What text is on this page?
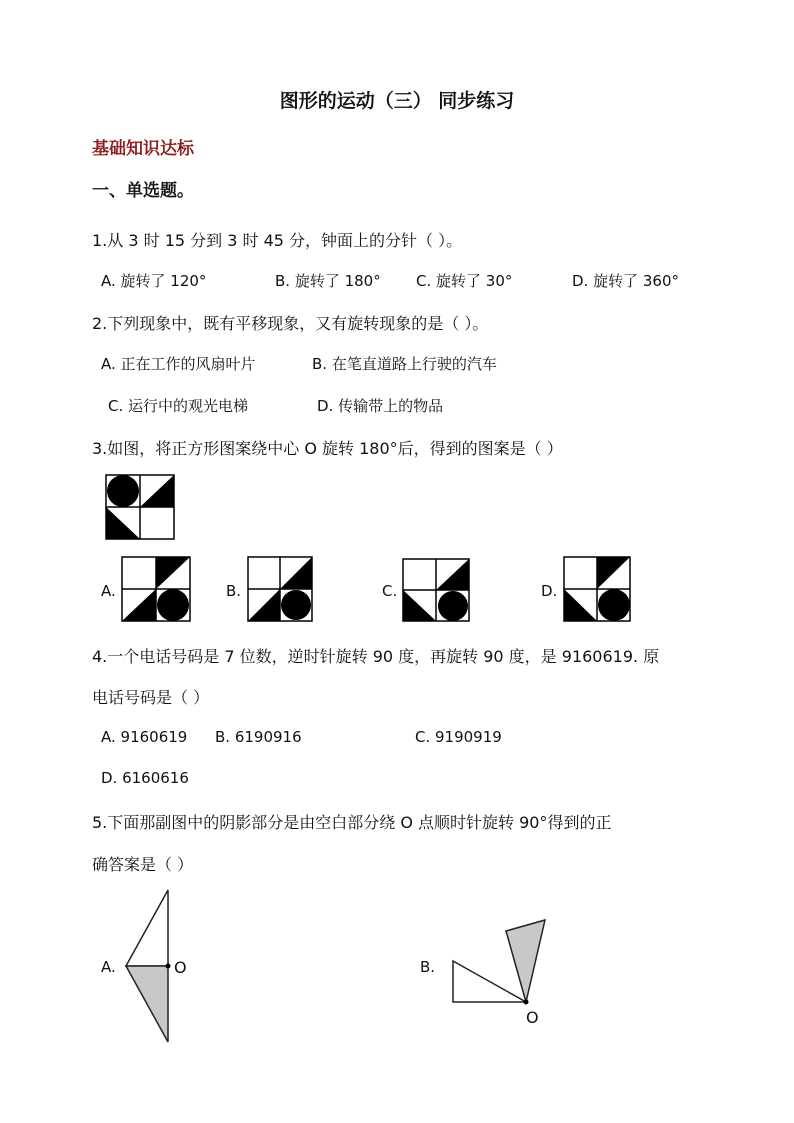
图形的运动（三） 同步练习
基础知识达标
一、单选题。
1.从 3 时 15 分到 3 时 45 分，钟面上的分针（ ）。
A. 旋转了 120°	B. 旋转了 180° C. 旋转了 30°	D. 旋转了 360°
2.下列现象中，既有平移现象，又有旋转现象的是（ ）。
A. 正在工作的风扇叶片	B. 在笔直道路上行驶的汽车
C. 运行中的观光电梯	D. 传输带上的物品
3.如图，将正方形图案绕中心 O 旋转 180°后，得到的图案是（ ）
A.	B.	C.	D.
4.一个电话号码是 7 位数，逆时针旋转 90 度，再旋转 90 度，是 9160619. 原
电话号码是（ ）
A. 9160619 B. 6190916	C. 9190919
D. 6160616
5.下面那副图中的阴影部分是由空白部分绕 O 点顺时针旋转 90°得到的正
确答案是（ ）
A.	O	B.
O
